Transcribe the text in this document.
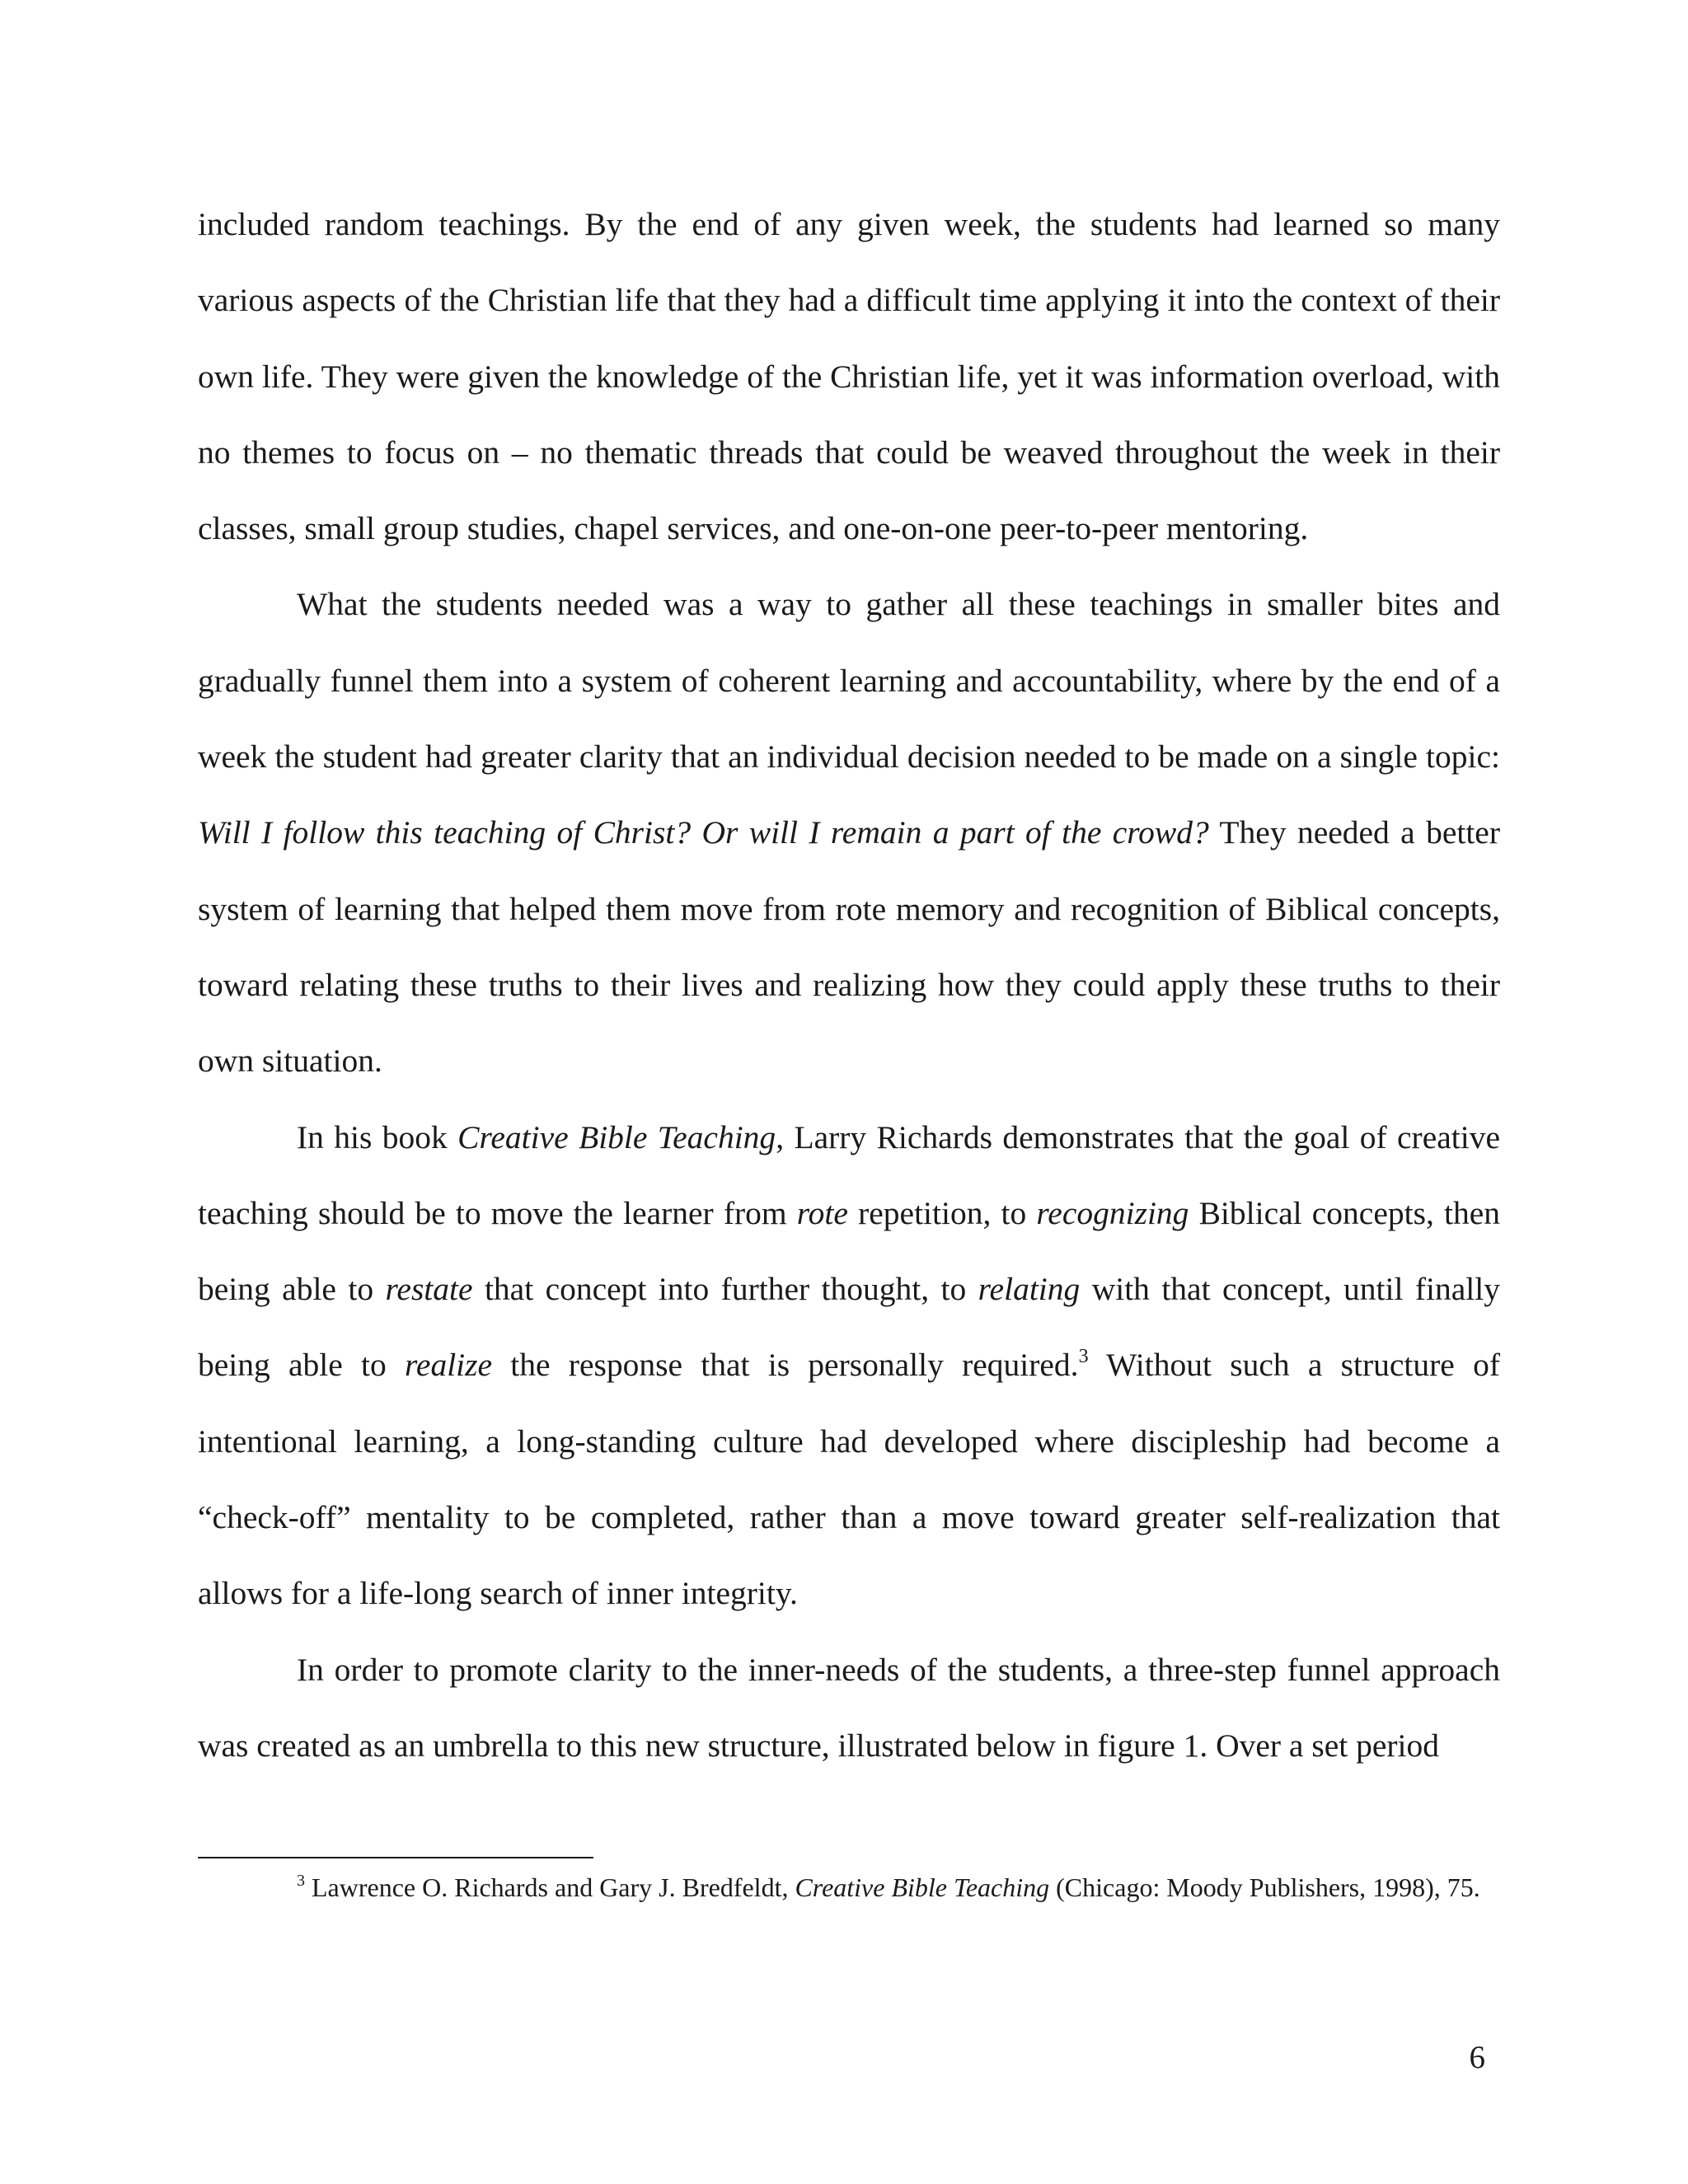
included random teachings. By the end of any given week, the students had learned so many various aspects of the Christian life that they had a difficult time applying it into the context of their own life. They were given the knowledge of the Christian life, yet it was information overload, with no themes to focus on – no thematic threads that could be weaved throughout the week in their classes, small group studies, chapel services, and one-on-one peer-to-peer mentoring.

What the students needed was a way to gather all these teachings in smaller bites and gradually funnel them into a system of coherent learning and accountability, where by the end of a week the student had greater clarity that an individual decision needed to be made on a single topic: Will I follow this teaching of Christ? Or will I remain a part of the crowd? They needed a better system of learning that helped them move from rote memory and recognition of Biblical concepts, toward relating these truths to their lives and realizing how they could apply these truths to their own situation.

In his book Creative Bible Teaching, Larry Richards demonstrates that the goal of creative teaching should be to move the learner from rote repetition, to recognizing Biblical concepts, then being able to restate that concept into further thought, to relating with that concept, until finally being able to realize the response that is personally required.$^3$ Without such a structure of intentional learning, a long-standing culture had developed where discipleship had become a “check-off” mentality to be completed, rather than a move toward greater self-realization that allows for a life-long search of inner integrity.

In order to promote clarity to the inner-needs of the students, a three-step funnel approach was created as an umbrella to this new structure, illustrated below in figure 1. Over a set period

$^3$ Lawrence O. Richards and Gary J. Bredfeldt, Creative Bible Teaching (Chicago: Moody Publishers, 1998), 75.

6
